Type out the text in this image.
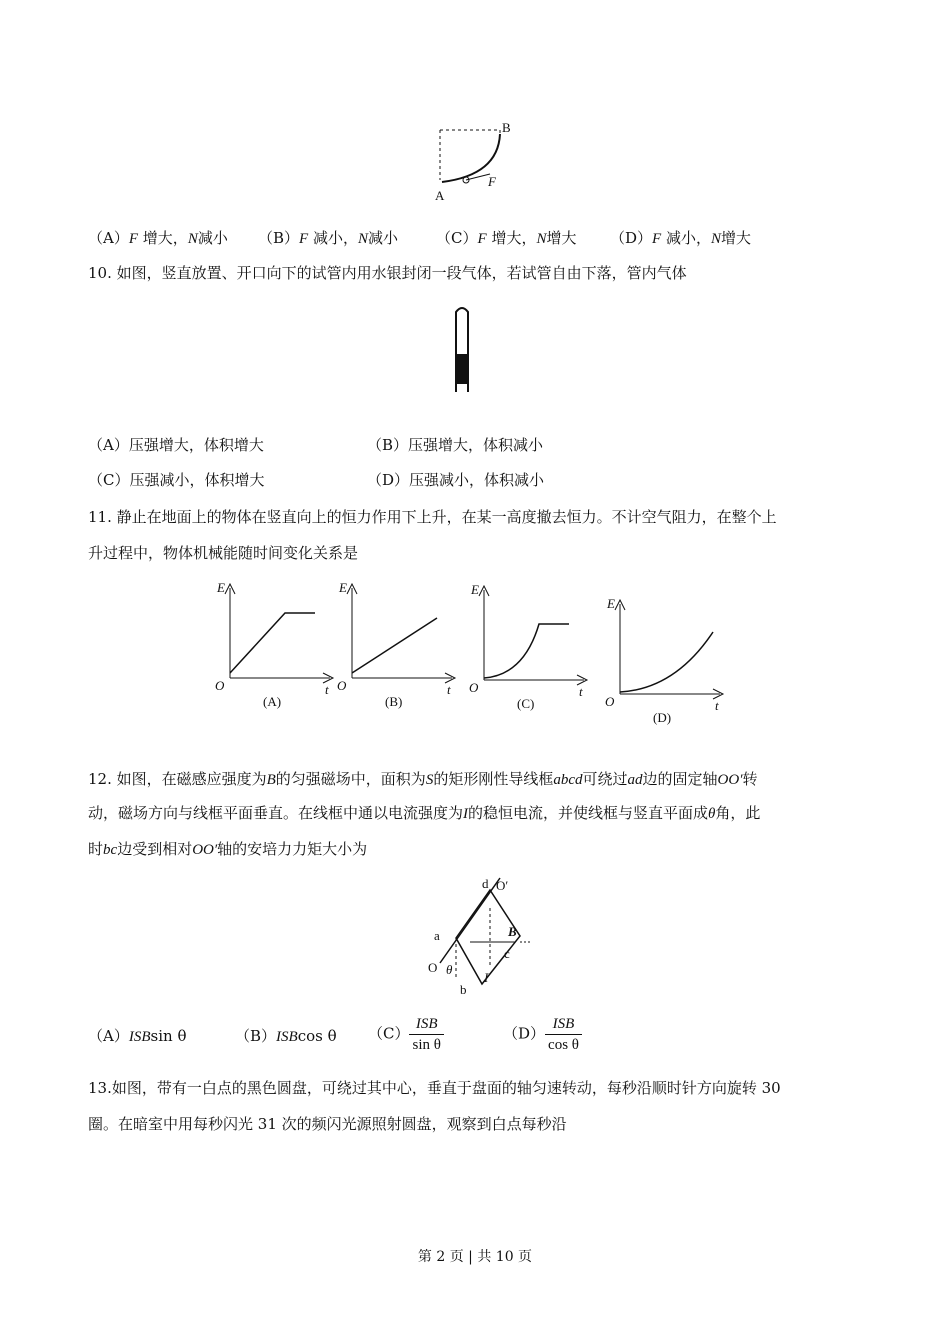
B
A
F
（A）F 增大，N减小 （B）F 减小，N减小	（C）F 增大，N增大 （D）F 减小，N增大
10. 如图，竖直放置、开口向下的试管内用水银封闭一段气体，若试管自由下落，管内气体
（A）压强增大，体积增大	（B）压强增大，体积减小
（C）压强减小，体积增大	（D）压强减小，体积减小
11. 静止在地面上的物体在竖直向上的恒力作用下上升，在某一高度撤去恒力。不计空气阻力，在整个上
升过程中，物体机械能随时间变化关系是
E
O	t
(A)
E
O	t
(B)
E
O	t
(C)
E
O	t
(D)
12. 如图，在磁感应强度为B的匀强磁场中，面积为S的矩形刚性导线框abcd可绕过ad边的固定轴OO′转
动，磁场方向与线框平面垂直。在线框中通以电流强度为I的稳恒电流，并使线框与竖直平面成θ角，此
时bc边受到相对OO′轴的安培力力矩大小为
a
b
c
d
O
O′
B
I
θ
（A）ISBsin θ	（B）ISBcos θ $(C) \frac{\text{ISB}}{\text{sin θ}}$	$(D) \frac{\text{ISB}}{\text{cos θ}}$
13.如图，带有一白点的黑色圆盘，可绕过其中心，垂直于盘面的轴匀速转动，每秒沿顺时针方向旋转 30
圈。在暗室中用每秒闪光 31 次的频闪光源照射圆盘，观察到白点每秒沿
第 2 页 | 共 10 页
